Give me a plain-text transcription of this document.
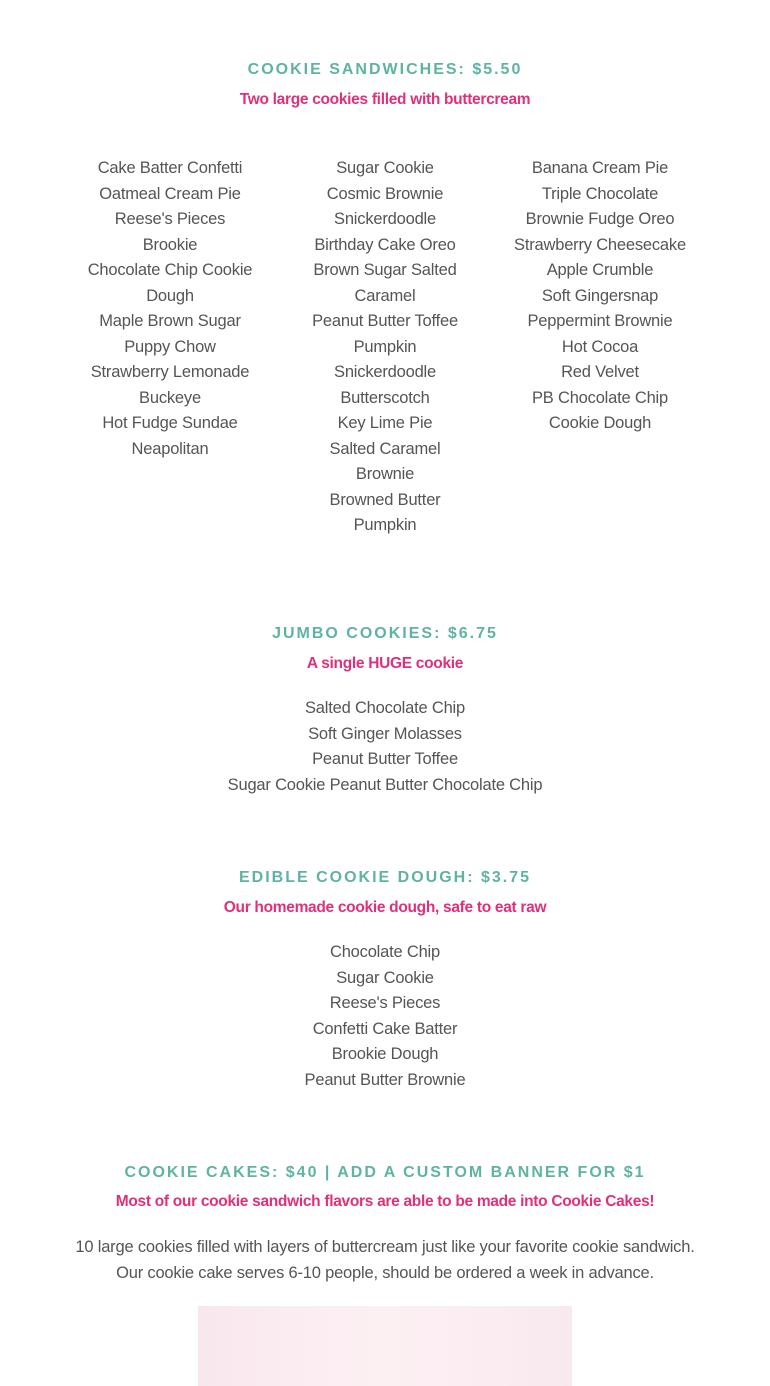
COOKIE SANDWICHES: $5.50

Two large cookies filled with buttercream

Cake Batter Confetti
Oatmeal Cream Pie
Reese's Pieces
Brookie
Chocolate Chip Cookie Dough
Maple Brown Sugar
Puppy Chow
Strawberry Lemonade
Buckeye
Hot Fudge Sundae
Neapolitan
Sugar Cookie
Cosmic Brownie
Snickerdoodle
Birthday Cake Oreo
Brown Sugar Salted Caramel
Peanut Butter Toffee
Pumpkin
Snickerdoodle
Butterscotch
Key Lime Pie
Salted Caramel Brownie
Browned Butter
Pumpkin
Banana Cream Pie
Triple Chocolate
Brownie Fudge Oreo
Strawberry Cheesecake
Apple Crumble
Soft Gingersnap
Peppermint Brownie
Hot Cocoa
Red Velvet
PB Chocolate Chip
Cookie Dough
JUMBO COOKIES: $6.75

A single HUGE cookie

Salted Chocolate Chip
Soft Ginger Molasses
Peanut Butter Toffee
Sugar Cookie Peanut Butter Chocolate Chip
EDIBLE COOKIE DOUGH: $3.75

Our homemade cookie dough, safe to eat raw

Chocolate Chip
Sugar Cookie
Reese's Pieces
Confetti Cake Batter
Brookie Dough
Peanut Butter Brownie
COOKIE CAKES: $40 | ADD A CUSTOM BANNER FOR $1

Most of our cookie sandwich flavors are able to be made into Cookie Cakes!

10 large cookies filled with layers of buttercream just like your favorite cookie sandwich. Our cookie cake serves 6-10 people, should be ordered a week in advance.
